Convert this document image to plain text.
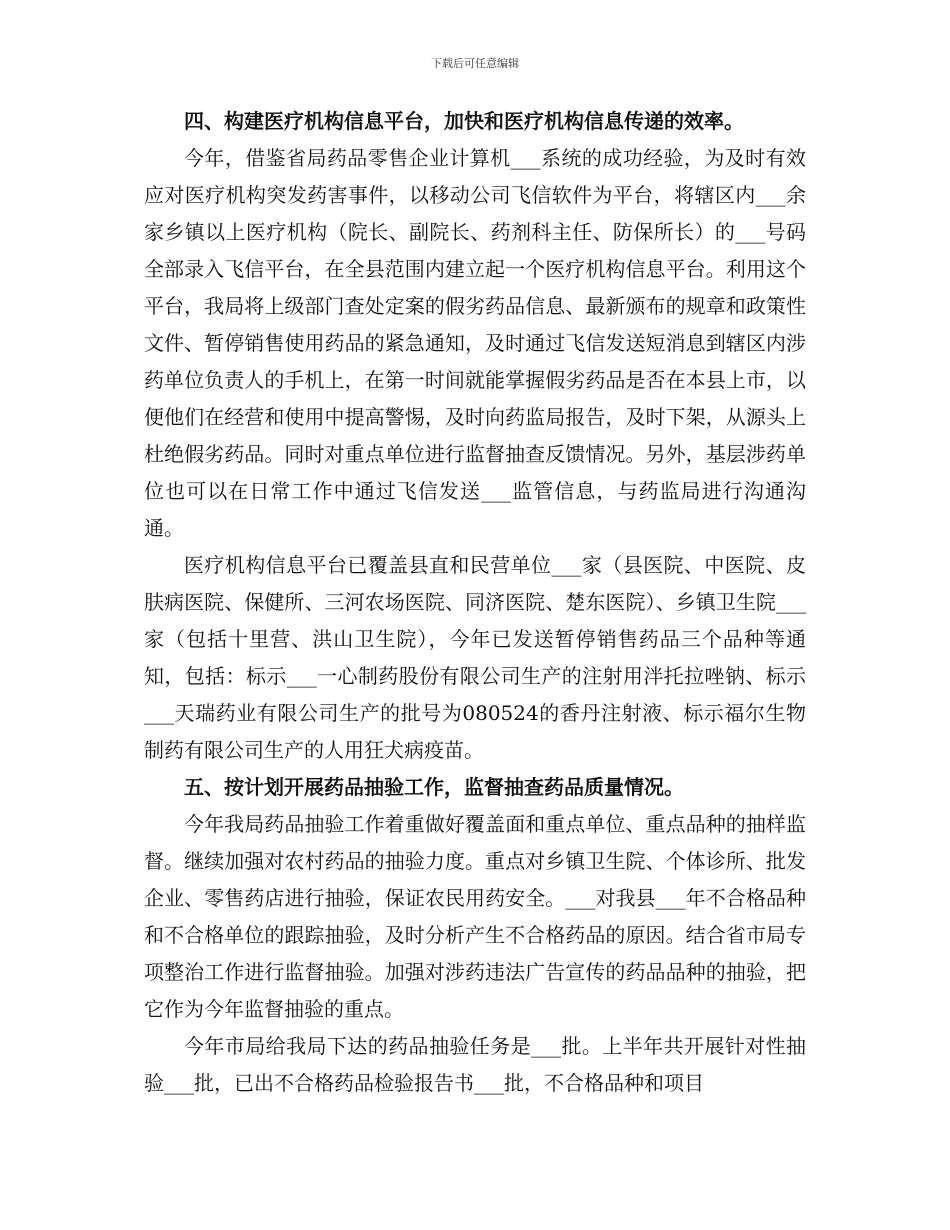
下载后可任意编辑
四、构建医疗机构信息平台，加快和医疗机构信息传递的效率。

今年，借鉴省局药品零售企业计算机___系统的成功经验，为及时有效应对医疗机构突发药害事件，以移动公司飞信软件为平台，将辖区内___余家乡镇以上医疗机构（院长、副院长、药剂科主任、防保所长）的___号码全部录入飞信平台，在全县范围内建立起一个医疗机构信息平台。利用这个平台，我局将上级部门查处定案的假劣药品信息、最新颁布的规章和政策性文件、暂停销售使用药品的紧急通知，及时通过飞信发送短消息到辖区内涉药单位负责人的手机上，在第一时间就能掌握假劣药品是否在本县上市，以便他们在经营和使用中提高警惕，及时向药监局报告，及时下架，从源头上杜绝假劣药品。同时对重点单位进行监督抽查反馈情况。另外，基层涉药单位也可以在日常工作中通过飞信发送___监管信息，与药监局进行沟通沟通。

医疗机构信息平台已覆盖县直和民营单位___家（县医院、中医院、皮肤病医院、保健所、三河农场医院、同济医院、楚东医院）、乡镇卫生院___家（包括十里营、洪山卫生院），今年已发送暂停销售药品三个品种等通知，包括：标示___一心制药股份有限公司生产的注射用泮托拉唑钠、标示___天瑞药业有限公司生产的批号为080524的香丹注射液、标示福尔生物制药有限公司生产的人用狂犬病疫苗。

五、按计划开展药品抽验工作，监督抽查药品质量情况。

今年我局药品抽验工作着重做好覆盖面和重点单位、重点品种的抽样监督。继续加强对农村药品的抽验力度。重点对乡镇卫生院、个体诊所、批发企业、零售药店进行抽验，保证农民用药安全。___对我县___年不合格品种和不合格单位的跟踪抽验，及时分析产生不合格药品的原因。结合省市局专项整治工作进行监督抽验。加强对涉药违法广告宣传的药品品种的抽验，把它作为今年监督抽验的重点。

今年市局给我局下达的药品抽验任务是___批。上半年共开展针对性抽验___批，已出不合格药品检验报告书___批，不合格品种和项目
